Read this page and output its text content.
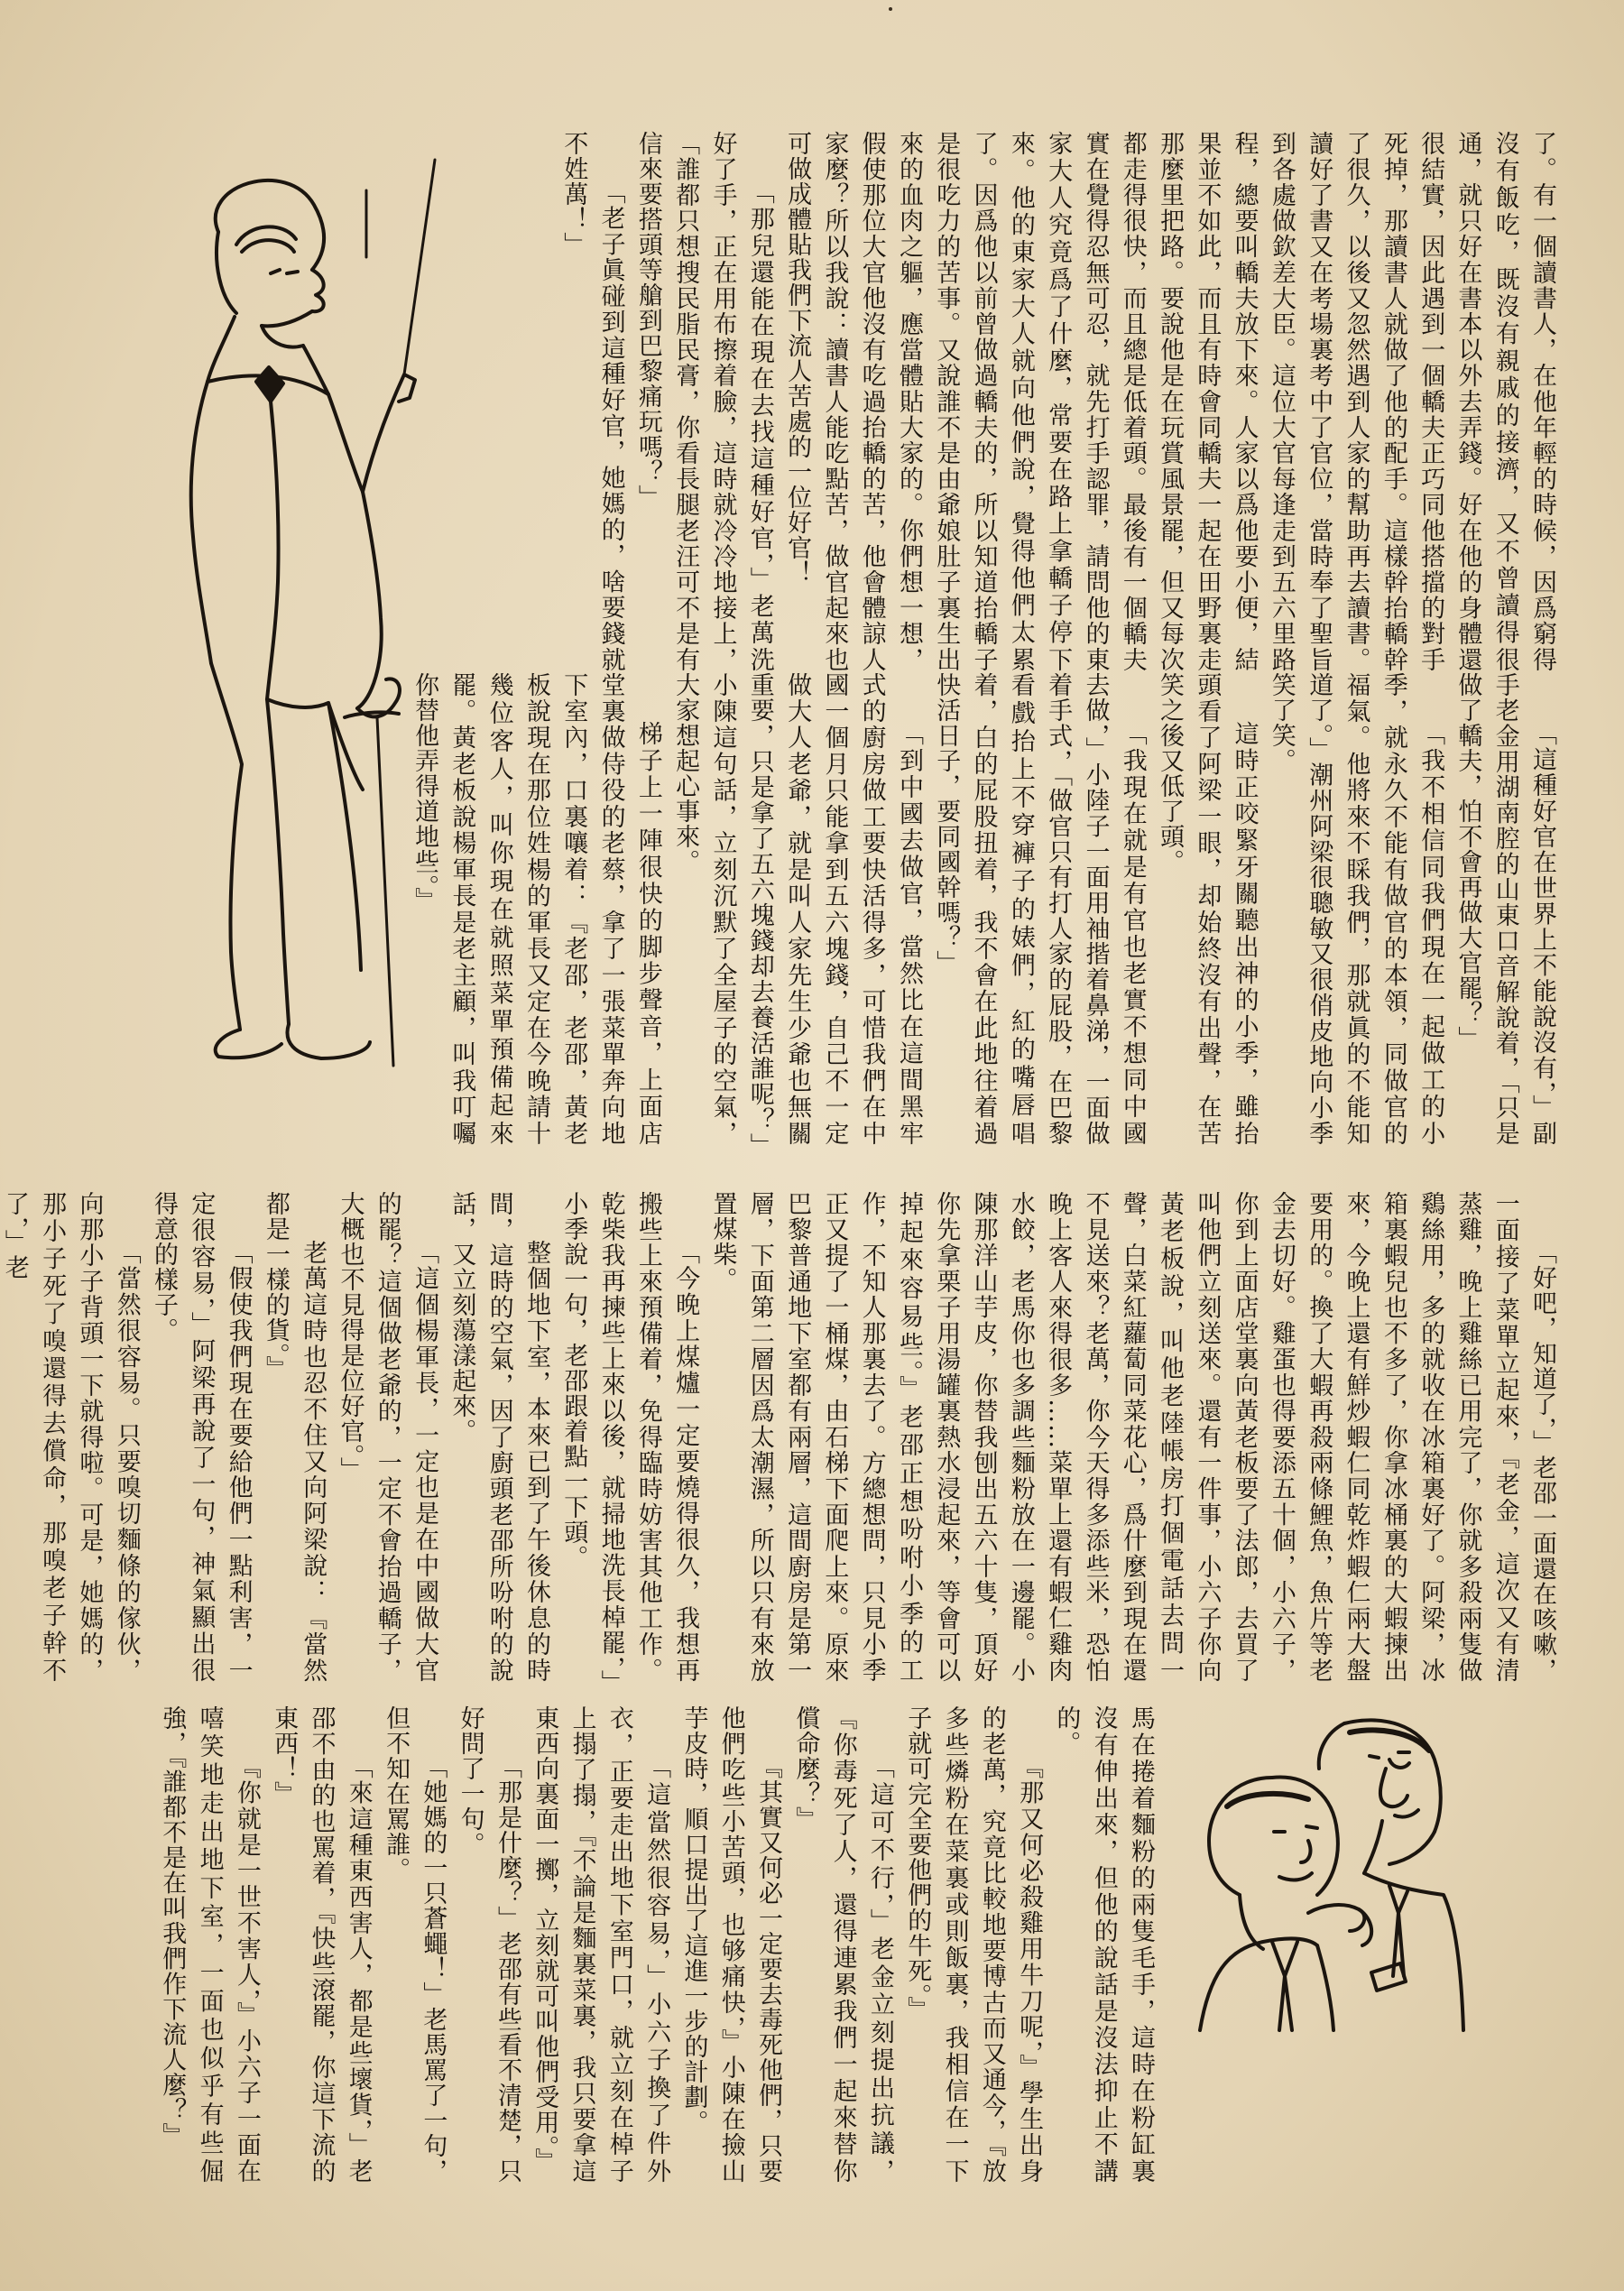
了。有一個讀書人，在他年輕的時候，因爲窮得沒有飯吃，既沒有親戚的接濟，又不曾讀得很通，就只好在書本以外去弄錢。好在他的身體還很結實，因此遇到一個轎夫正巧同他搭擋的對手死掉，那讀書人就做了他的配手。這樣幹抬轎幹了很久，以後又忽然遇到人家的幫助再去讀書。讀好了書又在考場裏考中了官位，當時奉了聖旨到各處做欽差大臣。這位大官每逢走到五六里路程，總要叫轎夫放下來。人家以爲他要小便，結果並不如此，而且有時會同轎夫一起在田野裏走那麼里把路。要說他是在玩賞風景罷，但又每次都走得很快，而且總是低着頭。最後有一個轎夫實在覺得忍無可忍，就先打手認罪，請問他的東家大人究竟爲了什麼，常要在路上拿轎子停下來。他的東家大人就向他們說，覺得他們太累了。因爲他以前曾做過轎夫的，所以知道抬轎子是很吃力的苦事。又說誰不是由爺娘肚子裏生出來的血肉之軀，應當體貼大家的。你們想一想，假使那位大官他沒有吃過抬轎的苦，他會體諒人家麼？所以我說：讀書人能吃點苦，做官起來也可做成體貼我們下流人苦處的一位好官！

「那兒還能在現在去找這種好官，」老萬洗好了手，正在用布擦着臉，這時就冷冷地接上，「誰都只想搜民脂民膏，你看長腿老汪可不是有信來要搭頭等艙到巴黎痛玩嗎？」

「老子眞碰到這種好官，她媽的，啥要錢就不姓萬！」

「這種好官在世界上不能說沒有，」副手老金用湖南腔的山東口音解說着，「只是做了轎夫，怕不會再做大官罷？」

「我不相信同我們現在一起做工的小季，就永久不能有做官的本領，同做官的福氣。他將來不睬我們，那就眞的不能知道了。」潮州阿梁很聰敏又很俏皮地向小季笑了笑。

這時正咬緊牙關聽出神的小季，雖抬頭看了阿梁一眼，却始終沒有出聲，在苦笑之後又低了頭。

「我現在就是有官也老實不想同中國去做，」小陸子一面用袖揩着鼻涕，一面做着手式，「做官只有打人家的屁股，在巴黎看戲抬上不穿褲子的婊們，紅的嘴唇唱着，白的屁股扭着，我不會在此地往着過快活日子，要同國幹嗎？」

「到中國去做官，當然比在這間黑牢式的廚房做工要快活得多，可惜我們在中國一個月只能拿到五六塊錢，自己不一定做大人老爺，就是叫人家先生少爺也無關重要，只是拿了五六塊錢却去養活誰呢？」小陳這句話，立刻沉默了全屋子的空氣，大家想起心事來。

梯子上一陣很快的脚步聲音，上面店堂裏做侍役的老蔡，拿了一張菜單奔向地下室內，口裏嚷着：『老邵，老邵，黃老板說現在那位姓楊的軍長又定在今晚請十幾位客人，叫你現在就照菜單預備起來罷。黃老板說楊軍長是老主顧，叫我叮囑你替他弄得道地些。』

「好吧，知道了，」老邵一面還在咳嗽，一面接了菜單立起來，『老金，這次又有清蒸雞，晚上雞絲已用完了，你就多殺兩隻做鷄絲用，多的就收在冰箱裏好了。阿梁，冰箱裏蝦兒也不多了，你拿冰桶裏的大蝦揀出來，今晚上還有鮮炒蝦仁同乾炸蝦仁兩大盤要用的。換了大蝦再殺兩條鯉魚，魚片等老金去切好。雞蛋也得要添五十個，小六子，你到上面店堂裏向黃老板要了法郎，去買了叫他們立刻送來。還有一件事，小六子你向黃老板說，叫他老陸帳房打個電話去問一聲，白菜紅蘿蔔同菜花心，爲什麼到現在還不見送來？老萬，你今天得多添些米，恐怕晚上客人來得很多……菜單上還有蝦仁雞肉水餃，老馬你也多調些麵粉放在一邊罷。小陳那洋山芋皮，你替我刨出五六十隻，頂好你先拿栗子用湯罐裏熱水浸起來，等會可以掉起來容易些。』老邵正想吩咐小季的工作，不知人那裏去了。方總想問，只見小季正又提了一桶煤，由石梯下面爬上來。原來巴黎普通地下室都有兩層，這間廚房是第一層，下面第二層因爲太潮濕，所以只有來放置煤柴。

「今晚上煤爐一定要燒得很久，我想再搬些上來預備着，免得臨時妨害其他工作。乾柴我再揀些上來以後，就掃地洗長棹罷，」小季說一句，老邵跟着點一下頭。

整個地下室，本來已到了午後休息的時間，這時的空氣，因了廚頭老邵所吩咐的說話，又立刻蕩漾起來。

「這個楊軍長，一定也是在中國做大官的罷？這個做老爺的，一定不會抬過轎子，大概也不見得是位好官。」

老萬這時也忍不住又向阿梁說：『當然都是一樣的貨。』

「假使我們現在要給他們一點利害，一定很容易，」阿梁再說了一句，神氣顯出很得意的樣子。

「當然很容易。只要嗅切麵條的傢伙，向那小子背頭一下就得啦。可是，她媽的，那小子死了嗅還得去償命，那嗅老子幹不了，」老

馬在捲着麵粉的兩隻毛手，這時在粉缸裏沒有伸出來，但他的說話是沒法抑止不講的。

『那又何必殺雞用牛刀呢，』學生出身的老萬，究竟比較地要博古而又通今，『放多些燐粉在菜裏或則飯裏，我相信在一下子就可完全要他們的牛死。』

「這可不行，」老金立刻提出抗議，『你毒死了人，還得連累我們一起來替你償命麼？』

『其實又何必一定要去毒死他們，只要他們吃些小苦頭，也够痛快，』小陳在撿山芋皮時，順口提出了這進一步的計劃。

「這當然很容易，」小六子換了件外衣，正要走出地下室門口，就立刻在棹子上搨了搨，『不論是麵裏菜裏，我只要拿這東西向裏面一擲，立刻就可叫他們受用。』

「那是什麼？」老邵有些看不清楚，只好問了一句。

「她媽的一只蒼蠅！」老馬罵了一句，但不知在罵誰。

「來這種東西害人，都是些壞貨，」老邵不由的也罵着，『快些滾罷，你這下流的東西！』

『你就是一世不害人，』小六子一面在嘻笑地走出地下室，一面也似乎有些倔強，『誰都不是在叫我們作下流人麼？』
